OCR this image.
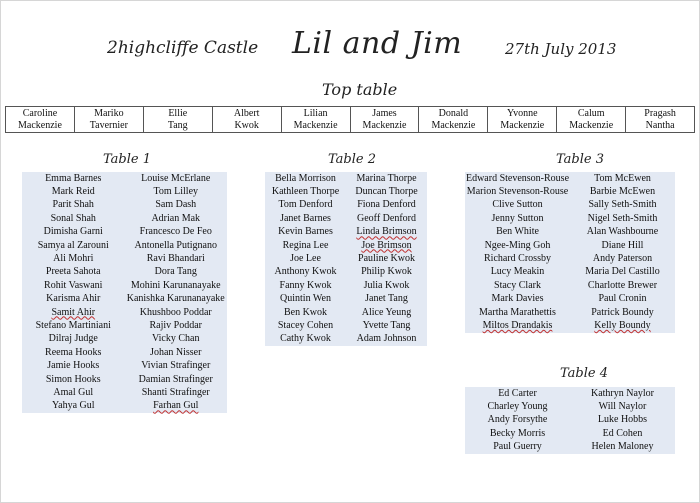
2highcliffe Castle Lil and Jim	27th July 2013
Top table
Caroline
Mackenzie
Mariko
Tavernier
Ellie
Tang
Albert
Kwok
Lilian
Mackenzie
James
Mackenzie
Donald
Mackenzie
Yvonne
Mackenzie
Calum
Mackenzie
Pragash
Nantha
Table 1
Emma Barnes	Louise McErlane
Mark Reid	Tom Lilley
Parit Shah	Sam Dash
Sonal Shah	Adrian Mak
Dimisha Garni	Francesco De Feo
Samya al Zarouni	Antonella Putignano
Ali Mohri	Ravi Bhandari
Preeta Sahota	Dora Tang
Rohit Vaswani	Mohini Karunanayake
Karisma Ahir	Kanishka Karunanayake
Samit Ahir	Khushboo Poddar
Stefano Martiniani	Rajiv Poddar
Dilraj Judge	Vicky Chan
Reema Hooks	Johan Nisser
Jamie Hooks	Vivian Strafinger
Simon Hooks	Damian Strafinger
Amal Gul	Shanti Strafinger
Yahya Gul	Farhan Gul
Table 2
Bella Morrison	Marina Thorpe
Kathleen Thorpe	Duncan Thorpe
Tom Denford	Fiona Denford
Janet Barnes	Geoff Denford
Kevin Barnes	Linda Brimson
Regina Lee	Joe Brimson
Joe Lee	Pauline Kwok
Anthony Kwok	Philip Kwok
Fanny Kwok	Julia Kwok
Quintin Wen	Janet Tang
Ben Kwok	Alice Yeung
Stacey Cohen	Yvette Tang
Cathy Kwok	Adam Johnson
Table 3
Edward Stevenson-Rouse	Tom McEwen
Marion Stevenson-Rouse	Barbie McEwen
Clive Sutton	Sally Seth-Smith
Jenny Sutton	Nigel Seth-Smith
Ben White	Alan Washbourne
Ngee-Ming Goh	Diane Hill
Richard Crossby	Andy Paterson
Lucy Meakin	Maria Del Castillo
Stacy Clark	Charlotte Brewer
Mark Davies	Paul Cronin
Martha Marathettis	Patrick Boundy
Miltos Drandakis	Kelly Boundy
Table 4
Ed Carter	Kathryn Naylor
Charley Young	Will Naylor
Andy Forsythe	Luke Hobbs
Becky Morris	Ed Cohen
Paul Guerry	Helen Maloney
